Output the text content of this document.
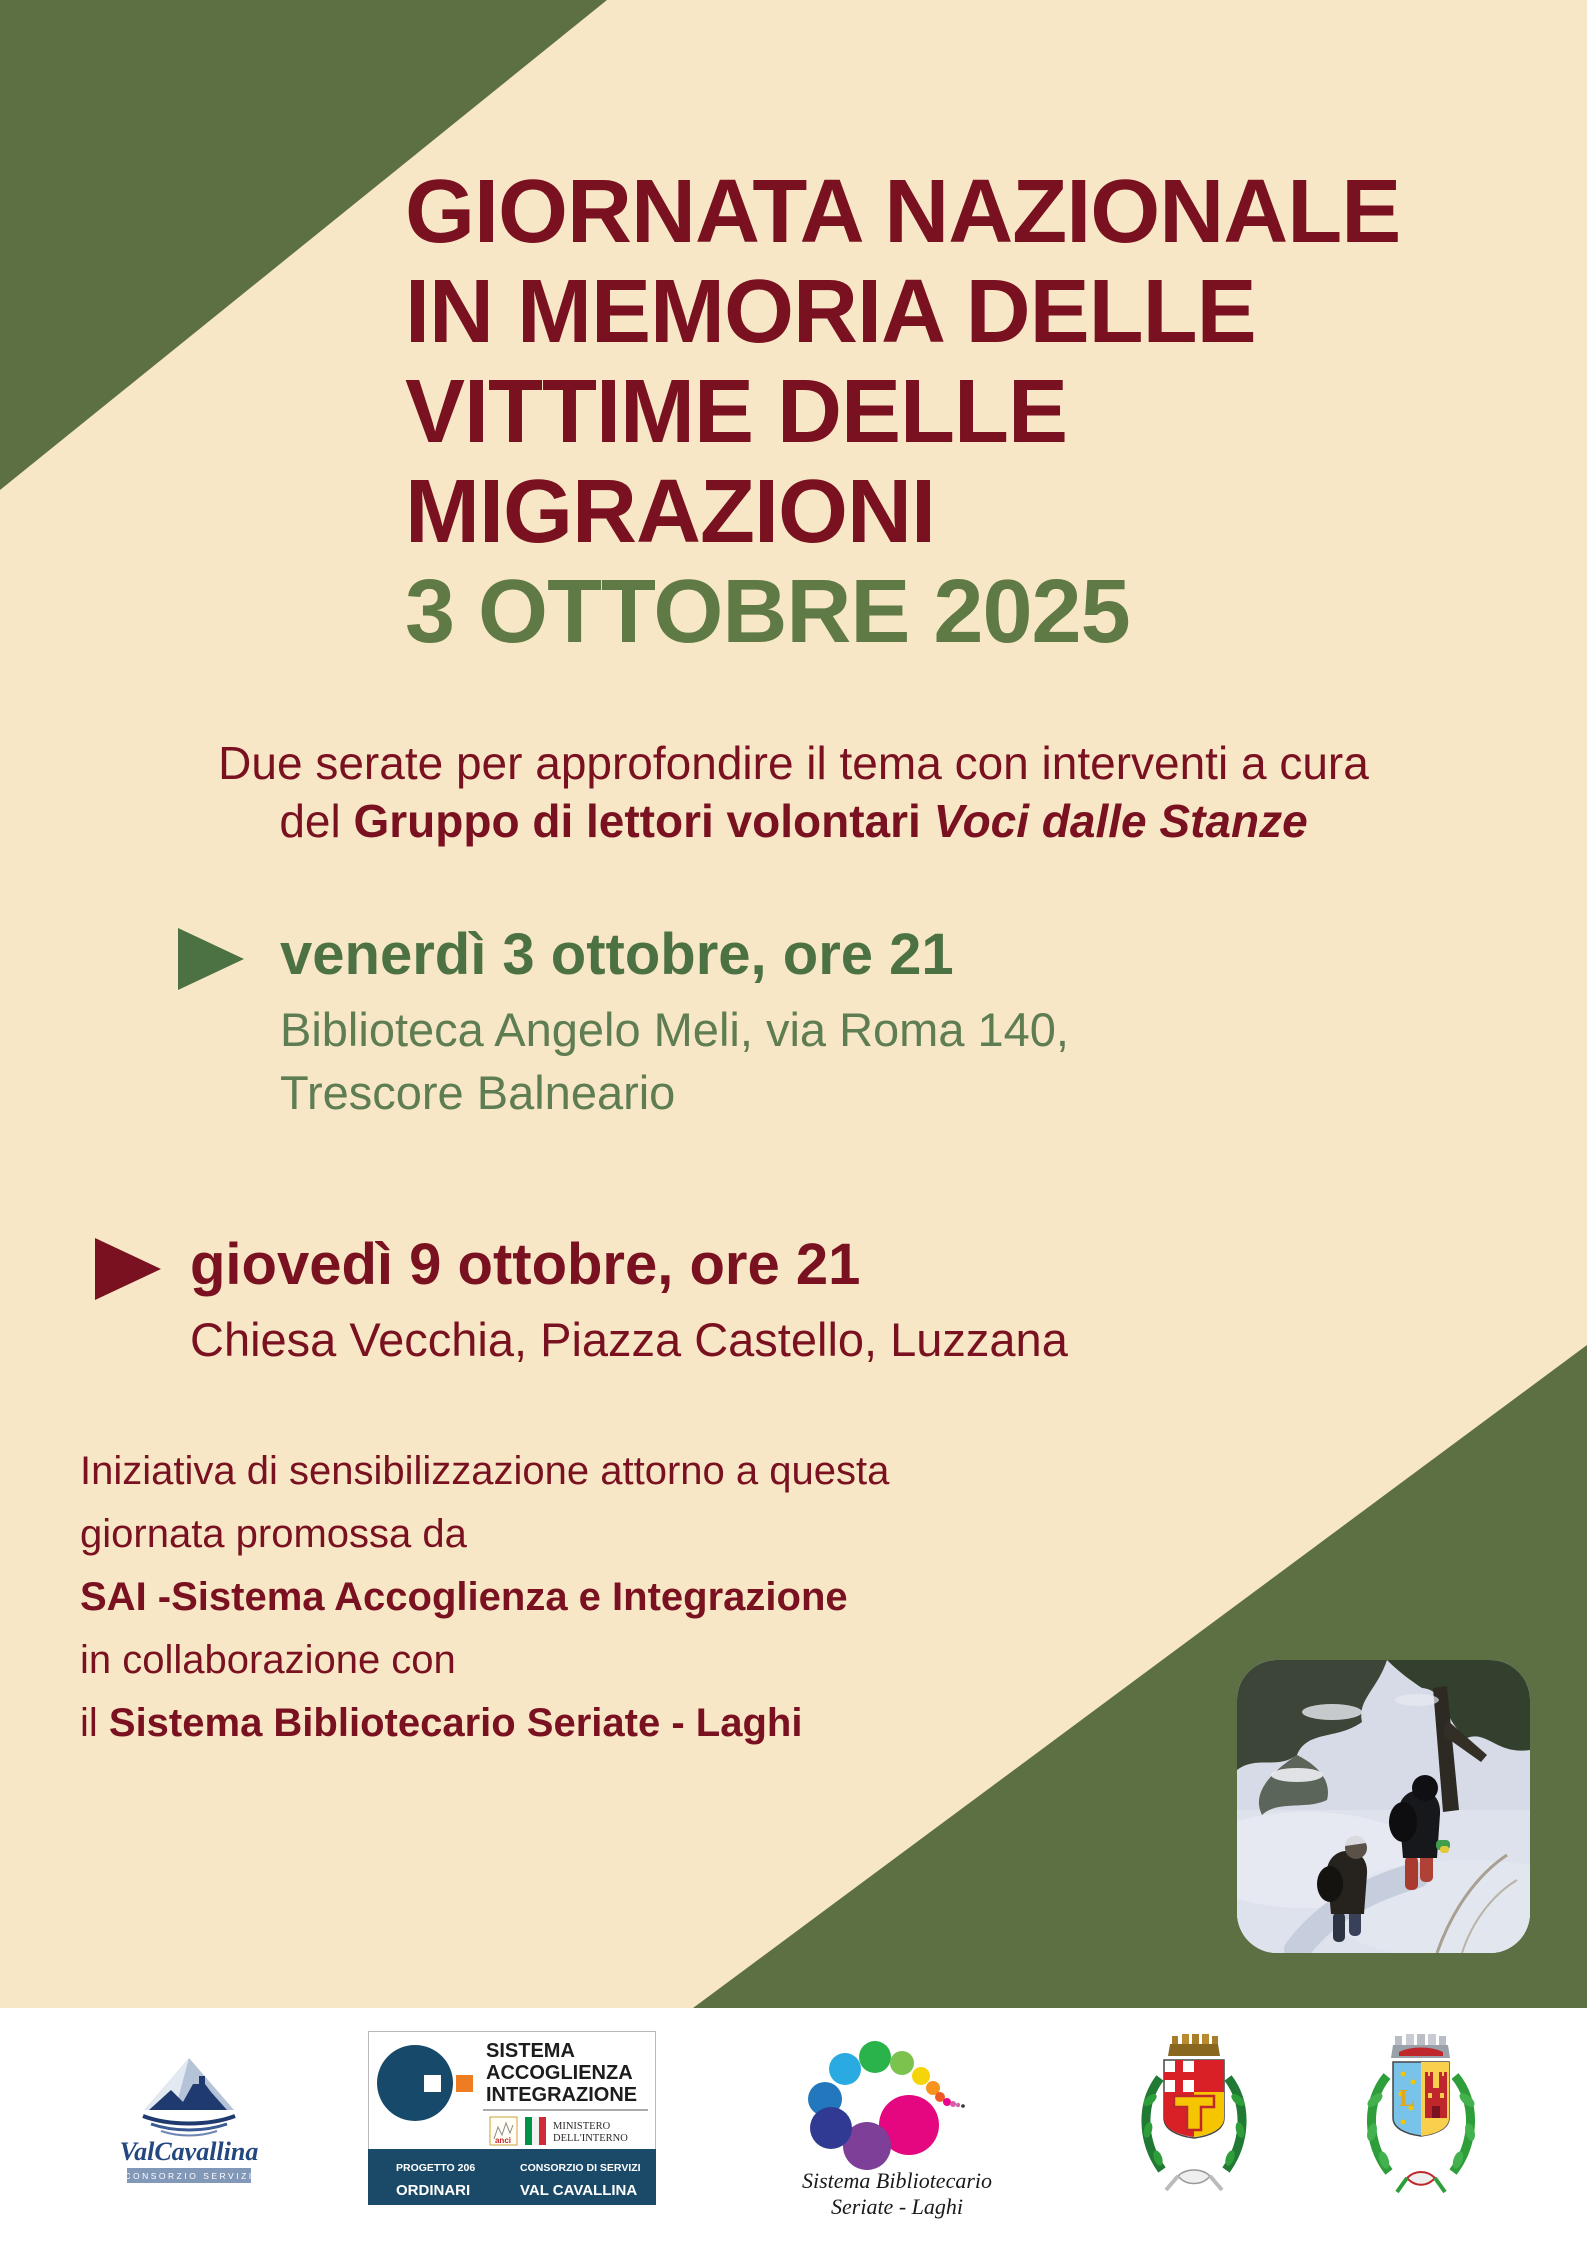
GIORNATA NAZIONALE
IN MEMORIA DELLE
VITTIME DELLE
MIGRAZIONI
3 OTTOBRE 2025
Due serate per approfondire il tema con interventi a cura
del Gruppo di lettori volontari Voci dalle Stanze
venerdì 3 ottobre, ore 21
Biblioteca Angelo Meli, via Roma 140,
Trescore Balneario
giovedì 9 ottobre, ore 21
Chiesa Vecchia, Piazza Castello, Luzzana
Iniziativa di sensibilizzazione attorno a questa
giornata promossa da
SAI -Sistema Accoglienza e Integrazione
in collaborazione con
il Sistema Bibliotecario Seriate - Laghi
ValCavallina
CONSORZIO SERVIZI
SISTEMA
ACCOGLIENZA
INTEGRAZIONE
anci
MINISTERO
DELL'INTERNO
PROGETTO 206
ORDINARI
CONSORZIO DI SERVIZI
VAL CAVALLINA	Sistema Bibliotecario
Seriate - Laghi
L
